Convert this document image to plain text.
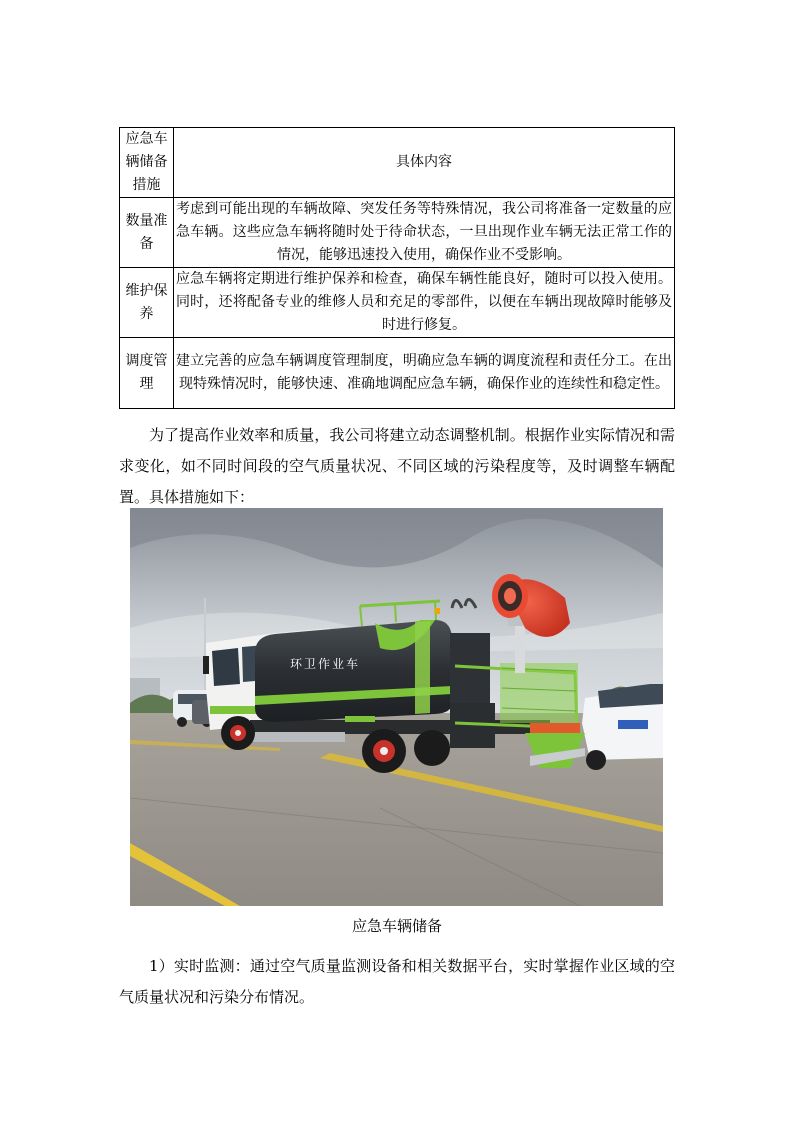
应急车辆储备措施	具体内容
数量准备	考虑到可能出现的车辆故障、突发任务等特殊情况，我公司将准备一定数量的应急车辆。这些应急车辆将随时处于待命状态，一旦出现作业车辆无法正常工作的情况，能够迅速投入使用，确保作业不受影响。
维护保养	应急车辆将定期进行维护保养和检查，确保车辆性能良好，随时可以投入使用。同时，还将配备专业的维修人员和充足的零部件，以便在车辆出现故障时能够及时进行修复。
调度管理	建立完善的应急车辆调度管理制度，明确应急车辆的调度流程和责任分工。在出现特殊情况时，能够快速、准确地调配应急车辆，确保作业的连续性和稳定性。

为了提高作业效率和质量，我公司将建立动态调整机制。根据作业实际情况和需求变化，如不同时间段的空气质量状况、不同区域的污染程度等，及时调整车辆配置。具体措施如下：

环卫作业车
应急车辆储备

1）实时监测：通过空气质量监测设备和相关数据平台，实时掌握作业区域的空气质量状况和污染分布情况。
